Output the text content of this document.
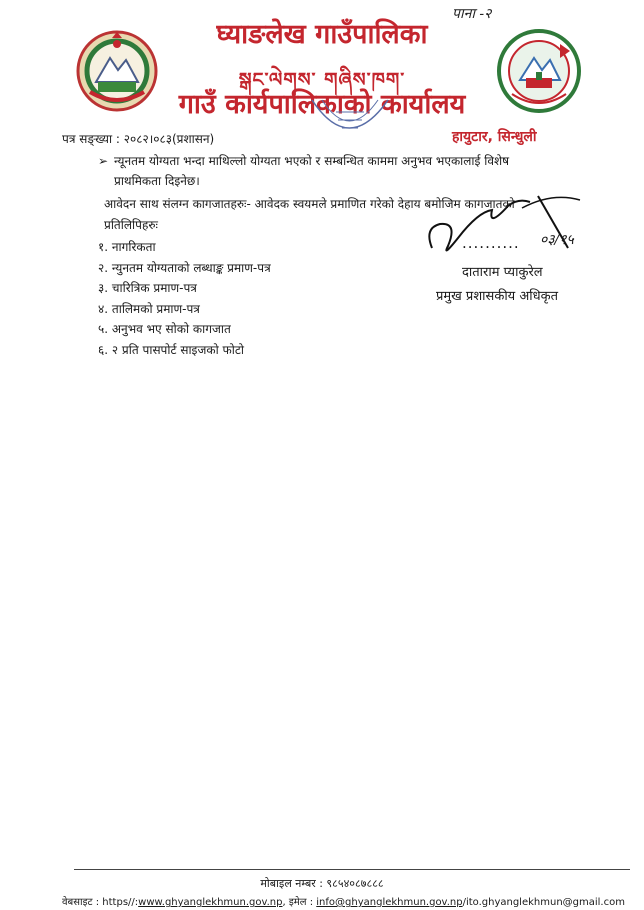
पाना -२
घ्याङलेख गाउँपालिका
སྒང་ལེགས་ གཞིས་ཁག་
गाउँ कार्यपालिकाको कार्यालय
पत्र सङ्ख्या : २०८२।०८३(प्रशासन)	हायुटार, सिन्धुली
➢ न्यूनतम योग्यता भन्दा माथिल्लो योग्यता भएको र सम्बन्धित काममा अनुभव भएकालाई विशेष प्राथमिकता दिइनेछ।
आवेदन साथ संलग्न कागजातहरुः- आवेदक स्वयमले प्रमाणित गरेको देहाय बमोजिम कागजातको प्रतिलिपिहरुः
१. नागरिकता
२. न्युनतम योग्यताको लब्धाङ्क प्रमाण-पत्र
३. चारित्रिक प्रमाण-पत्र
४. तालिमको प्रमाण-पत्र
५. अनुभव भए सोको कागजात
६. २ प्रति पासपोर्ट साइजको फोटो
.......... ०३/१५
दाताराम प्याकुरेल
प्रमुख प्रशासकीय अधिकृत
मोबाइल नम्बर : ९८५४०८७८८८
वेबसाइट : https//:www.ghyanglekhmun.gov.np, इमेल : info@ghyanglekhmun.gov.np/ito.ghyanglekhmun@gmail.com
